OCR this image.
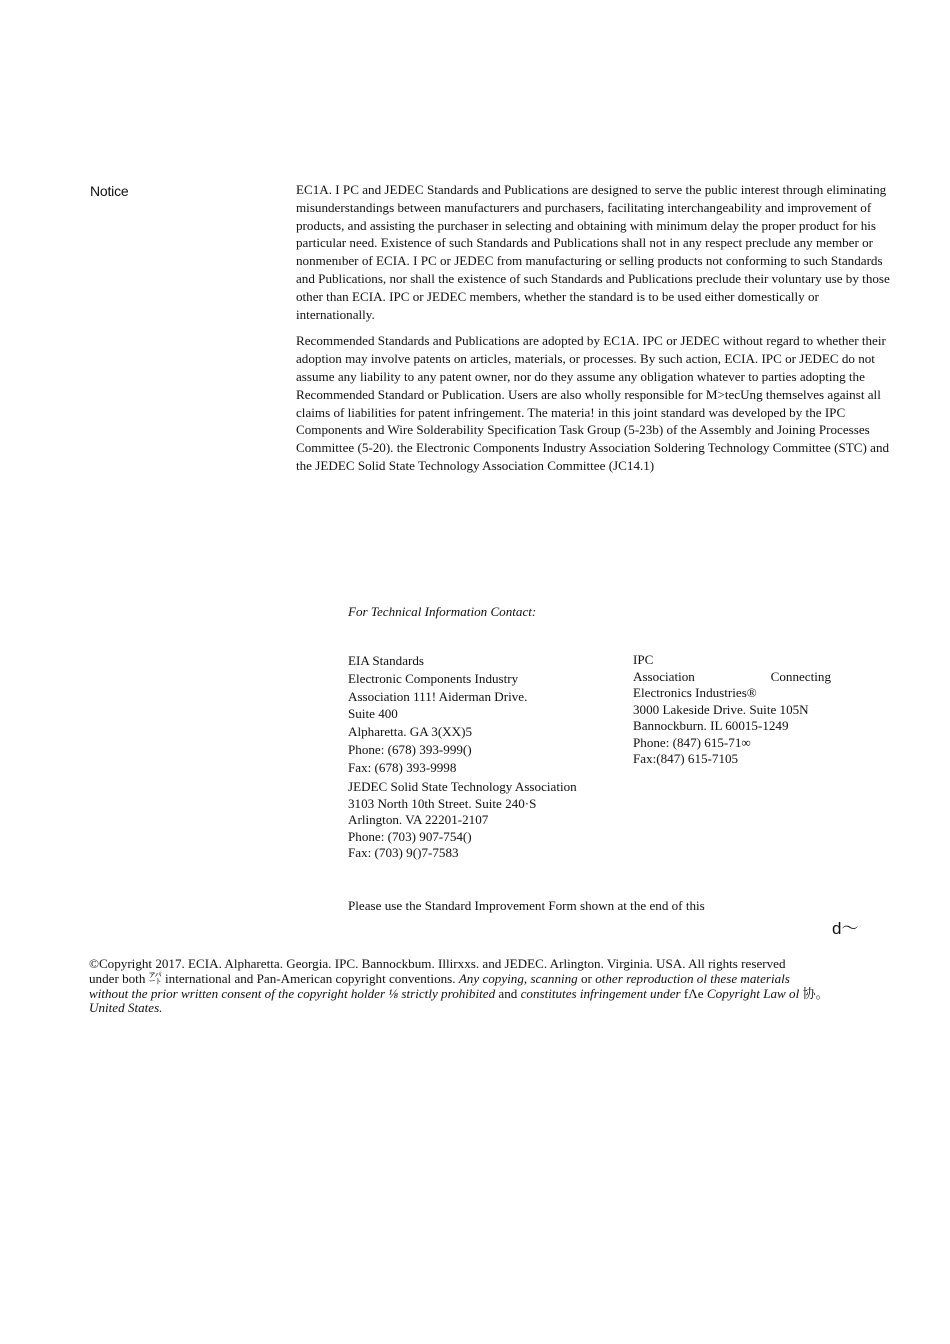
Notice	EC1A. I PC and JEDEC Standards and Publications are designed to serve the public interest through eliminating misunderstandings between manufacturers and purchasers, facilitating interchangeability and improvement of products, and assisting the purchaser in selecting and obtaining with minimum delay the proper product for his particular need. Existence of such Standards and Publications shall not in any respect preclude any member or nonmenıber of ECIA. I PC or JEDEC from manufacturing or selling products not conforming to such Standards and Publications, nor shall the existence of such Standards and Publications preclude their voluntary use by those other than ECIA. IPC or JEDEC members, whether the standard is to be used either domestically or internationally.

Recommended Standards and Publications are adopted by EC1A. IPC or JEDEC without regard to whether their adoption may involve patents on articles, materials, or processes. By such action, ECIA. IPC or JEDEC do not assume any liability to any patent owner, nor do they assume any obligation whatever to parties adopting the Recommended Standard or Publication. Users are also wholly responsible for M>tecUng themselves against all claims of liabilities for patent infringement. The materia! in this joint standard was developed by the IPC Components and Wire Solderability Specification Task Group (5-23b) of the Assembly and Joining Processes Committee (5-20). the Electronic Components Industry Association Soldering Technology Committee (STC) and the JEDEC Solid State Technology Association Committee (JC14.1)

For Technical Information Contact:
EIA Standards
Electronic Components Industry
Association 111! Aiderman Drive.
Suite 400
Alpharetta. GA 3(XX)5
Phone: (678) 393-999()
Fax: (678) 393-9998
IPC
Association	Connecting
Electronics Industries®
3000 Lakeside Drive. Suite 105N
Bannockburn. IL 60015-1249
Phone: (847) 615-71∞
Fax:(847) 615-7105
JEDEC Solid State Technology Association
3103 North 10th Street. Suite 240·S
Arlington. VA 22201-2107
Phone: (703) 907-754()
Fax: (703) 9()7-7583
Please use the Standard Improvement Form shown at the end of this
d〜
©Copyright 2017. ECIA. Alpharetta. Georgia. IPC. Bannockbum. Illirxxs. and JEDEC. Arlington. Virginia. USA. All rights reserved
under both ㌀ international and Pan-American copyright conventions. Any copying, scanning or other reproduction ol these materials
without the prior written consent of the copyright holder ⅛ strictly prohibited and constitutes infringement under fΛe Copyright Law ol 协。
United States.
